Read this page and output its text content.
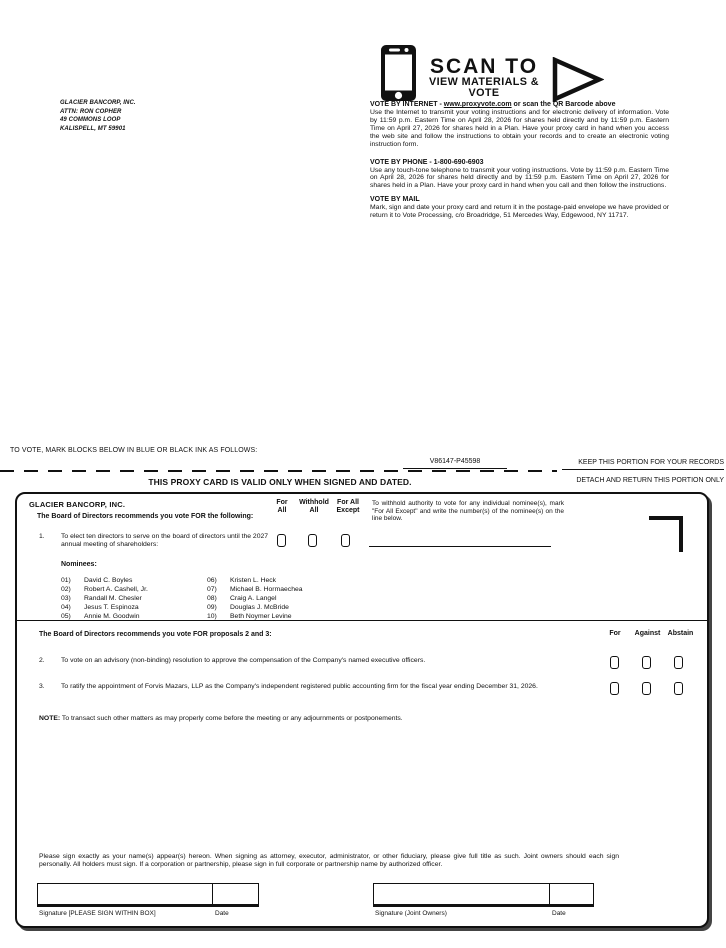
GLACIER BANCORP, INC.
ATTN: RON COPHER
49 COMMONS LOOP
KALISPELL, MT 59901
SCAN TO
VIEW MATERIALS & VOTE
VOTE BY INTERNET - www.proxyvote.com or scan the QR Barcode above
Use the Internet to transmit your voting instructions and for electronic delivery of information. Vote by 11:59 p.m. Eastern Time on April 28, 2026 for shares held directly and by 11:59 p.m. Eastern Time on April 27, 2026 for shares held in a Plan. Have your proxy card in hand when you access the web site and follow the instructions to obtain your records and to create an electronic voting instruction form.
VOTE BY PHONE - 1-800-690-6903
Use any touch-tone telephone to transmit your voting instructions. Vote by 11:59 p.m. Eastern Time on April 28, 2026 for shares held directly and by 11:59 p.m. Eastern Time on April 27, 2026 for shares held in a Plan. Have your proxy card in hand when you call and then follow the instructions.
VOTE BY MAIL
Mark, sign and date your proxy card and return it in the postage-paid envelope we have provided or return it to Vote Processing, c/o Broadridge, 51 Mercedes Way, Edgewood, NY 11717.
TO VOTE, MARK BLOCKS BELOW IN BLUE OR BLACK INK AS FOLLOWS:
V86147-P45598	KEEP THIS PORTION FOR YOUR RECORDS
THIS PROXY CARD IS VALID ONLY WHEN SIGNED AND DATED.	DETACH AND RETURN THIS PORTION ONLY
GLACIER BANCORP, INC.
The Board of Directors recommends you vote FOR the following:
For
All
Withhold
All
For All
Except
To withhold authority to vote for any individual nominee(s), mark "For All Except" and write the number(s) of the nominee(s) on the line below.
1. To elect ten directors to serve on the board of directors until the 2027 annual meeting of shareholders:
Nominees:
01) David C. Boyles
02) Robert A. Cashell, Jr.
03) Randall M. Chesler
04) Jesus T. Espinoza
05) Annie M. Goodwin
06) Kristen L. Heck
07) Michael B. Hormaechea
08) Craig A. Langel
09) Douglas J. McBride
10) Beth Noymer Levine
The Board of Directors recommends you vote FOR proposals 2 and 3:	For	Against	Abstain
2. To vote on an advisory (non-binding) resolution to approve the compensation of the Company's named executive officers.
3. To ratify the appointment of Forvis Mazars, LLP as the Company's independent registered public accounting firm for the fiscal year ending December 31, 2026.
NOTE: To transact such other matters as may properly come before the meeting or any adjournments or postponements.
Please sign exactly as your name(s) appear(s) hereon. When signing as attorney, executor, administrator, or other fiduciary, please give full title as such. Joint owners should each sign personally. All holders must sign. If a corporation or partnership, please sign in full corporate or partnership name by authorized officer.
Signature [PLEASE SIGN WITHIN BOX]	Date	Signature (Joint Owners)	Date
